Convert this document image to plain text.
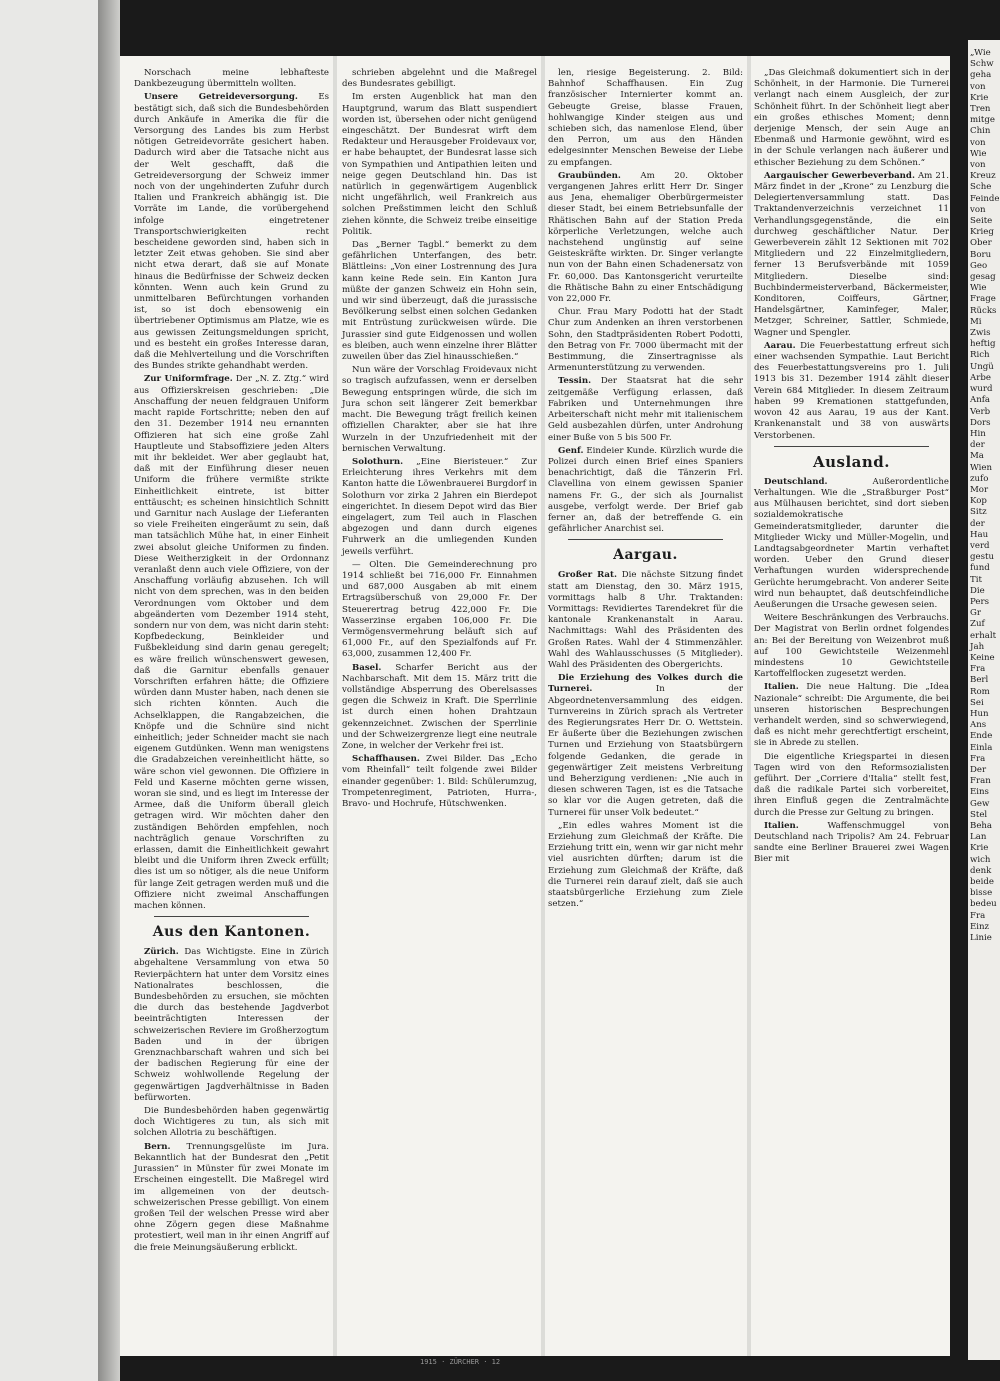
Norschach meine lebhafteste Dankbezeugung übermitteln wollten.

Unsere Getreideversorgung. Es bestätigt sich, daß sich die Bundesbehörden durch Ankäufe in Amerika die für die Versorgung des Landes bis zum Herbst nötigen Getreidevorräte gesichert haben. Dadurch wird aber die Tatsache nicht aus der Welt geschafft, daß die Getreideversorgung der Schweiz immer noch von der ungehinderten Zufuhr durch Italien und Frankreich abhängig ist. Die Vorräte im Lande, die vorübergehend infolge eingetretener Transportschwierigkeiten recht bescheidene geworden sind, haben sich in letzter Zeit etwas gehoben. Sie sind aber nicht etwa derart, daß sie auf Monate hinaus die Bedürfnisse der Schweiz decken könnten. Wenn auch kein Grund zu unmittelbaren Befürchtungen vorhanden ist, so ist doch ebensowenig ein übertriebener Optimismus am Platze, wie es aus gewissen Zeitungsmeldungen spricht, und es besteht ein großes Interesse daran, daß die Mehlverteilung und die Vorschriften des Bundes strikte gehandhabt werden.

Zur Uniformfrage. Der „N. Z. Ztg.“ wird aus Offizierskreisen geschrieben: „Die Anschaffung der neuen feldgrauen Uniform macht rapide Fortschritte; neben den auf den 31. Dezember 1914 neu ernannten Offizieren hat sich eine große Zahl Hauptleute und Stabsoffiziere jeden Alters mit ihr bekleidet. Wer aber geglaubt hat, daß mit der Einführung dieser neuen Uniform die frühere vermißte strikte Einheitlichkeit eintrete, ist bitter enttäuscht; es scheinen hinsichtlich Schnitt und Garnitur nach Auslage der Lieferanten so viele Freiheiten eingeräumt zu sein, daß man tatsächlich Mühe hat, in einer Einheit zwei absolut gleiche Uniformen zu finden. Diese Weitherzigkeit in der Ordonnanz veranlaßt denn auch viele Offiziere, von der Anschaffung vorläufig abzusehen. Ich will nicht von dem sprechen, was in den beiden Verordnungen vom Oktober und dem abgeänderten vom Dezember 1914 steht, sondern nur von dem, was nicht darin steht: Kopfbedeckung, Beinkleider und Fußbekleidung sind darin genau geregelt; es wäre freilich wünschenswert gewesen, daß die Garnitur ebenfalls genauer Vorschriften erfahren hätte; die Offiziere würden dann Muster haben, nach denen sie sich richten könnten. Auch die Achselklappen, die Rangabzeichen, die Knöpfe und die Schnüre sind nicht einheitlich; jeder Schneider macht sie nach eigenem Gutdünken. Wenn man wenigstens die Gradabzeichen vereinheitlicht hätte, so wäre schon viel gewonnen. Die Offiziere in Feld und Kaserne möchten gerne wissen, woran sie sind, und es liegt im Interesse der Armee, daß die Uniform überall gleich getragen wird. Wir möchten daher den zuständigen Behörden empfehlen, noch nachträglich genaue Vorschriften zu erlassen, damit die Einheitlichkeit gewahrt bleibt und die Uniform ihren Zweck erfüllt; dies ist um so nötiger, als die neue Uniform für lange Zeit getragen werden muß und die Offiziere nicht zweimal Anschaffungen machen können.

Aus den Kantonen.

Zürich. Das Wichtigste. Eine in Zürich abgehaltene Versammlung von etwa 50 Revierpächtern hat unter dem Vorsitz eines Nationalrates beschlossen, die Bundesbehörden zu ersuchen, sie möchten die durch das bestehende Jagdverbot beeinträchtigten Interessen der schweizerischen Reviere im Großherzogtum Baden und in der übrigen Grenznachbarschaft wahren und sich bei der badischen Regierung für eine der Schweiz wohlwollende Regelung der gegenwärtigen Jagdverhältnisse in Baden befürworten.

Die Bundesbehörden haben gegenwärtig doch Wichtigeres zu tun, als sich mit solchen Allotria zu beschäftigen.

Bern. Trennungsgelüste im Jura. Bekanntlich hat der Bundesrat den „Petit Jurassien“ in Münster für zwei Monate im Erscheinen eingestellt. Die Maßregel wird im allgemeinen von der deutsch-schweizerischen Presse gebilligt. Von einem großen Teil der welschen Presse wird aber ohne Zögern gegen diese Maßnahme protestiert, weil man in ihr einen Angriff auf die freie Meinungsäußerung erblickt.

schrieben abgelehnt und die Maßregel des Bundesrates gebilligt.

Im ersten Augenblick hat man den Hauptgrund, warum das Blatt suspendiert worden ist, übersehen oder nicht genügend eingeschätzt. Der Bundesrat wirft dem Redakteur und Herausgeber Froidevaux vor, er habe behauptet, der Bundesrat lasse sich von Sympathien und Antipathien leiten und neige gegen Deutschland hin. Das ist natürlich in gegenwärtigem Augenblick nicht ungefährlich, weil Frankreich aus solchen Preßstimmen leicht den Schluß ziehen könnte, die Schweiz treibe einseitige Politik.

Das „Berner Tagbl.“ bemerkt zu dem gefährlichen Unterfangen, des betr. Blättleins: „Von einer Lostrennung des Jura kann keine Rede sein. Ein Kanton Jura müßte der ganzen Schweiz ein Hohn sein, und wir sind überzeugt, daß die jurassische Bevölkerung selbst einen solchen Gedanken mit Entrüstung zurückweisen würde. Die Jurassier sind gute Eidgenossen und wollen es bleiben, auch wenn einzelne ihrer Blätter zuweilen über das Ziel hinausschießen.“

Nun wäre der Vorschlag Froidevaux nicht so tragisch aufzufassen, wenn er derselben Bewegung entspringen würde, die sich im Jura schon seit längerer Zeit bemerkbar macht. Die Bewegung trägt freilich keinen offiziellen Charakter, aber sie hat ihre Wurzeln in der Unzufriedenheit mit der bernischen Verwaltung.

Solothurn. „Eine Bieristeuer.“ Zur Erleichterung ihres Verkehrs mit dem Kanton hatte die Löwenbrauerei Burgdorf in Solothurn vor zirka 2 Jahren ein Bierdepot eingerichtet. In diesem Depot wird das Bier eingelagert, zum Teil auch in Flaschen abgezogen und dann durch eigenes Fuhrwerk an die umliegenden Kunden jeweils verführt.

— Olten. Die Gemeinderechnung pro 1914 schließt bei 716,000 Fr. Einnahmen und 687,000 Ausgaben ab mit einem Ertragsüberschuß von 29,000 Fr. Der Steuerertrag betrug 422,000 Fr. Die Wasserzinse ergaben 106,000 Fr. Die Vermögensvermehrung beläuft sich auf 61,000 Fr., auf den Spezialfonds auf Fr. 63,000, zusammen 12,400 Fr.

Basel. Scharfer Bericht aus der Nachbarschaft. Mit dem 15. März tritt die vollständige Absperrung des Oberelsasses gegen die Schweiz in Kraft. Die Sperrlinie ist durch einen hohen Drahtzaun gekennzeichnet. Zwischen der Sperrlinie und der Schweizergrenze liegt eine neutrale Zone, in welcher der Verkehr frei ist.

Schaffhausen. Zwei Bilder. Das „Echo vom Rheinfall“ teilt folgende zwei Bilder einander gegenüber: 1. Bild: Schülerumzug, Trompetenregiment, Patrioten, Hurra-, Bravo- und Hochrufe, Hütschwenken.

len, riesige Begeisterung. 2. Bild: Bahnhof Schaffhausen. Ein Zug französischer Internierter kommt an. Gebeugte Greise, blasse Frauen, hohlwangige Kinder steigen aus und schieben sich, das namenlose Elend, über den Perron, um aus den Händen edelgesinnter Menschen Beweise der Liebe zu empfangen.

Graubünden. Am 20. Oktober vergangenen Jahres erlitt Herr Dr. Singer aus Jena, ehemaliger Oberbürgermeister dieser Stadt, bei einem Betriebsunfalle der Rhätischen Bahn auf der Station Preda körperliche Verletzungen, welche auch nachstehend ungünstig auf seine Geisteskräfte wirkten. Dr. Singer verlangte nun von der Bahn einen Schadenersatz von Fr. 60,000. Das Kantonsgericht verurteilte die Rhätische Bahn zu einer Entschädigung von 22,000 Fr.

Chur. Frau Mary Podotti hat der Stadt Chur zum Andenken an ihren verstorbenen Sohn, den Stadtpräsidenten Robert Podotti, den Betrag von Fr. 7000 übermacht mit der Bestimmung, die Zinsertragnisse als Armenunterstützung zu verwenden.

Tessin. Der Staatsrat hat die sehr zeitgemäße Verfügung erlassen, daß Fabriken und Unternehmungen ihre Arbeiterschaft nicht mehr mit italienischem Geld ausbezahlen dürfen, unter Androhung einer Buße von 5 bis 500 Fr.

Genf. Eindeier Kunde. Kürzlich wurde die Polizei durch einen Brief eines Spaniers benachrichtigt, daß die Tänzerin Frl. Clavellina von einem gewissen Spanier namens Fr. G., der sich als Journalist ausgebe, verfolgt werde. Der Brief gab ferner an, daß der betreffende G. ein gefährlicher Anarchist sei.

Aargau.

Großer Rat. Die nächste Sitzung findet statt am Dienstag, den 30. März 1915, vormittags halb 8 Uhr. Traktanden: Vormittags: Revidiertes Tarendekret für die kantonale Krankenanstalt in Aarau. Nachmittags: Wahl des Präsidenten des Großen Rates. Wahl der 4 Stimmenzähler. Wahl des Wahlausschusses (5 Mitglieder). Wahl des Präsidenten des Obergerichts.

Die Erziehung des Volkes durch die Turnerei.	In der Abgeordnetenversammlung des eidgen. Turnvereins in Zürich sprach als Vertreter des Regierungsrates Herr Dr. O. Wettstein. Er äußerte über die Beziehungen zwischen Turnen und Erziehung von Staatsbürgern folgende Gedanken, die gerade in gegenwärtiger Zeit meistens Verbreitung und Beherzigung verdienen: „Nie auch in diesen schweren Tagen, ist es die Tatsache so klar vor die Augen getreten, daß die Turnerei für unser Volk bedeutet.“

„Ein edles wahres Moment ist die Erziehung zum Gleichmaß der Kräfte. Die Erziehung tritt ein, wenn wir gar nicht mehr viel ausrichten dürften; darum ist die Erziehung zum Gleichmaß der Kräfte, daß die Turnerei rein darauf zielt, daß sie auch staatsbürgerliche Erziehung zum Ziele setzen.“

„Das Gleichmaß dokumentiert sich in der Schönheit, in der Harmonie. Die Turnerei verlangt nach einem Ausgleich, der zur Schönheit führt. In der Schönheit liegt aber ein großes ethisches Moment; denn derjenige Mensch, der sein Auge an Ebenmaß und Harmonie gewöhnt, wird es in der Schule verlangen nach äußerer und ethischer Beziehung zu dem Schönen.“

Aargauischer Gewerbeverband. Am 21. März findet in der „Krone“ zu Lenzburg die Delegiertenversammlung statt. Das Traktandenverzeichnis verzeichnet 11 Verhandlungsgegenstände, die ein durchweg geschäftlicher Natur. Der Gewerbeverein zählt 12 Sektionen mit 702 Mitgliedern und 22 Einzelmitgliedern, ferner 13 Berufsverbände mit 1059 Mitgliedern. Dieselbe sind: Buchbindermeisterverband, Bäckermeister, Konditoren, Coiffeurs, Gärtner, Handelsgärtner, Kaminfeger, Maler, Metzger, Schreiner, Sattler, Schmiede, Wagner und Spengler.

Aarau. Die Feuerbestattung erfreut sich einer wachsenden Sympathie. Laut Bericht des Feuerbestattungsvereins pro 1. Juli 1913 bis 31. Dezember 1914 zählt dieser Verein 684 Mitglieder. In diesem Zeitraum haben 99 Kremationen stattgefunden, wovon 42 aus Aarau, 19 aus der Kant. Krankenanstalt und 38 von auswärts Verstorbenen.

Ausland.

Deutschland.	Außerordentliche Verhaltungen. Wie die „Straßburger Post“ aus Mülhausen berichtet, sind dort sieben sozialdemokratische Gemeinderatsmitglieder, darunter die Mitglieder Wicky und Müller-Mogelin, und Landtagsabgeordneter Martin verhaftet worden. Ueber den Grund dieser Verhaftungen wurden widersprechende Gerüchte herumgebracht. Von anderer Seite wird nun behauptet, daß deutschfeindliche Aeußerungen die Ursache gewesen seien.

Weitere Beschränkungen des Verbrauchs. Der Magistrat von Berlin ordnet folgendes an: Bei der Bereitung von Weizenbrot muß auf 100 Gewichtsteile Weizenmehl mindestens 10 Gewichtsteile Kartoffelflocken zugesetzt werden.

Italien. Die neue Haltung. Die „Idea Nazionale“ schreibt: Die Argumente, die bei unseren historischen Besprechungen verhandelt werden, sind so schwerwiegend, daß es nicht mehr gerechtfertigt erscheint, sie in Abrede zu stellen.

Die eigentliche Kriegspartei in diesen Tagen wird von den Reformsozialisten geführt. Der „Corriere d'Italia“ stellt fest, daß die radikale Partei sich vorbereitet, ihren Einfluß gegen die Zentralmächte durch die Presse zur Geltung zu bringen.

Italien.	Waffenschmuggel von Deutschland nach Tripolis? Am 24. Februar sandte eine Berliner Brauerei zwei Wagen Bier mit

1915 · ZÜRCHER · 12
„Wie
Schw
geha
von
Krie
Tren
mitge
Chin
von
Wie
von
Kreuz
Sche
Feinde
von
Seite
Krieg
Ober
Boru
Geo
gesag
Wie
Frage
Rücks
Mi
Zwis
heftig
Rich
Ungü
Arbe
wurd
Anfa
Verb
Dors
Hin
der
Ma
Wien
zufo
Mor
Kop
Sitz
der
Hau
verd
gestu
fund
Tit
Die
Pers
Gr
Zuf
erhalt
Jah
Keine
Fra
Berl
Rom
Sei
Hun
Ans
Ende
Einla
Fra
Der
Fran
Eins
Gew
Stel
Beha
Lan
Krie
wich
denk
beide
bisse
bedeu
Fra
Einz
Linie
